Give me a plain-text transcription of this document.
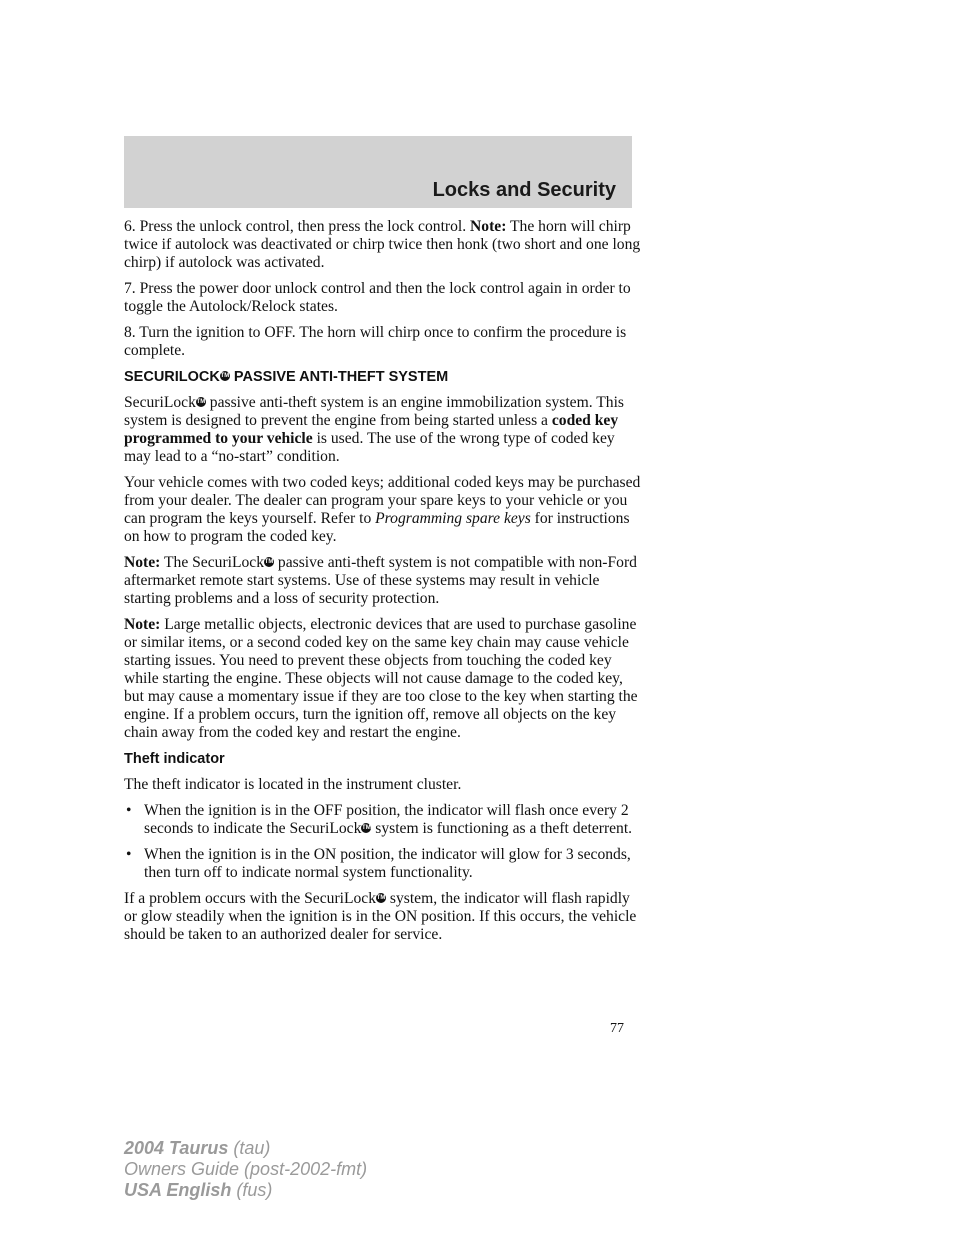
Locks and Security

6. Press the unlock control, then press the lock control. Note: The horn will chirp twice if autolock was deactivated or chirp twice then honk (two short and one long chirp) if autolock was activated.

7. Press the power door unlock control and then the lock control again in order to toggle the Autolock/Relock states.

8. Turn the ignition to OFF. The horn will chirp once to confirm the procedure is complete.

SECURILOCKTM PASSIVE ANTI-THEFT SYSTEM

SecuriLockTM passive anti-theft system is an engine immobilization system. This system is designed to prevent the engine from being started unless a coded key programmed to your vehicle is used. The use of the wrong type of coded key may lead to a “no-start” condition.

Your vehicle comes with two coded keys; additional coded keys may be purchased from your dealer. The dealer can program your spare keys to your vehicle or you can program the keys yourself. Refer to Programming spare keys for instructions on how to program the coded key.

Note: The SecuriLockTM passive anti-theft system is not compatible with non-Ford aftermarket remote start systems. Use of these systems may result in vehicle starting problems and a loss of security protection.

Note: Large metallic objects, electronic devices that are used to purchase gasoline or similar items, or a second coded key on the same key chain may cause vehicle starting issues. You need to prevent these objects from touching the coded key while starting the engine. These objects will not cause damage to the coded key, but may cause a momentary issue if they are too close to the key when starting the engine. If a problem occurs, turn the ignition off, remove all objects on the key chain away from the coded key and restart the engine.

Theft indicator

The theft indicator is located in the instrument cluster.

• When the ignition is in the OFF position, the indicator will flash once every 2 seconds to indicate the SecuriLockTM system is functioning as a theft deterrent.

• When the ignition is in the ON position, the indicator will glow for 3 seconds, then turn off to indicate normal system functionality.

If a problem occurs with the SecuriLockTM system, the indicator will flash rapidly or glow steadily when the ignition is in the ON position. If this occurs, the vehicle should be taken to an authorized dealer for service.

77
2004 Taurus (tau)
Owners Guide (post-2002-fmt)
USA English (fus)
